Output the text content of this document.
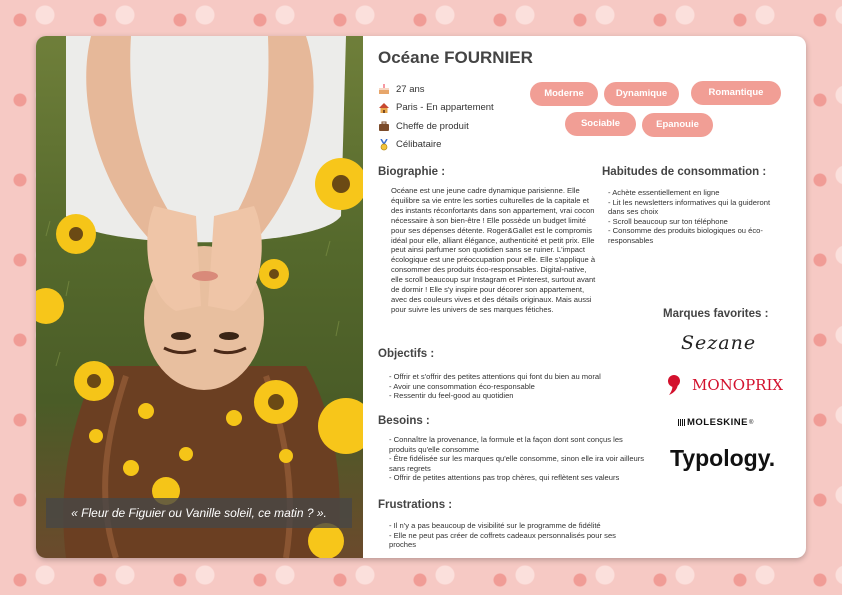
« Fleur de Figuier ou Vanille soleil, ce matin ? ».
Océane FOURNIER
27 ans
Paris - En appartement
Cheffe de produit
Célibataire
Moderne	Dynamique	Romantique
Sociable	Epanouie
Biographie :

Océane est une jeune cadre dynamique parisienne. Elle équilibre sa vie entre les sorties culturelles de la capitale et des instants réconfortants dans son appartement, vrai cocon nécessaire à son bien-être ! Elle possède un budget limité pour ses dépenses détente. Roger&Gallet est le compromis idéal pour elle, alliant élégance, authenticité et petit prix. Elle peut ainsi parfumer son quotidien sans se ruiner. L'impact écologique est une préoccupation pour elle. Elle s'applique à consommer des produits éco-responsables. Digital-native, elle scroll beaucoup sur Instagram et Pinterest, surtout avant de dormir ! Elle s'y inspire pour décorer son appartement, avec des couleurs vives et des détails originaux. Mais aussi pour suivre les univers de ses marques fétiches.

Objectifs :
- Offrir et s'offrir des petites attentions qui font du bien au moral
- Avoir une consommation éco-responsable
- Ressentir du feel-good au quotidien
Besoins :
- Connaître la provenance, la formule et la façon dont sont conçus les produits qu'elle consomme
- Être fidélisée sur les marques qu'elle consomme, sinon elle ira voir ailleurs sans regrets
- Offrir de petites attentions pas trop chères, qui reflètent ses valeurs
Frustrations :
- Il n'y a pas beaucoup de visibilité sur le programme de fidélité
- Elle ne peut pas créer de coffrets cadeaux personnalisés pour ses proches
Habitudes de consommation :
- Achète essentiellement en ligne
- Lit les newsletters informatives qui la guideront dans ses choix
- Scroll beaucoup sur ton téléphone
- Consomme des produits biologiques ou éco-responsables
Marques favorites :
Sezane
MONOPRIX
MOLESKINE ®
Typology.
